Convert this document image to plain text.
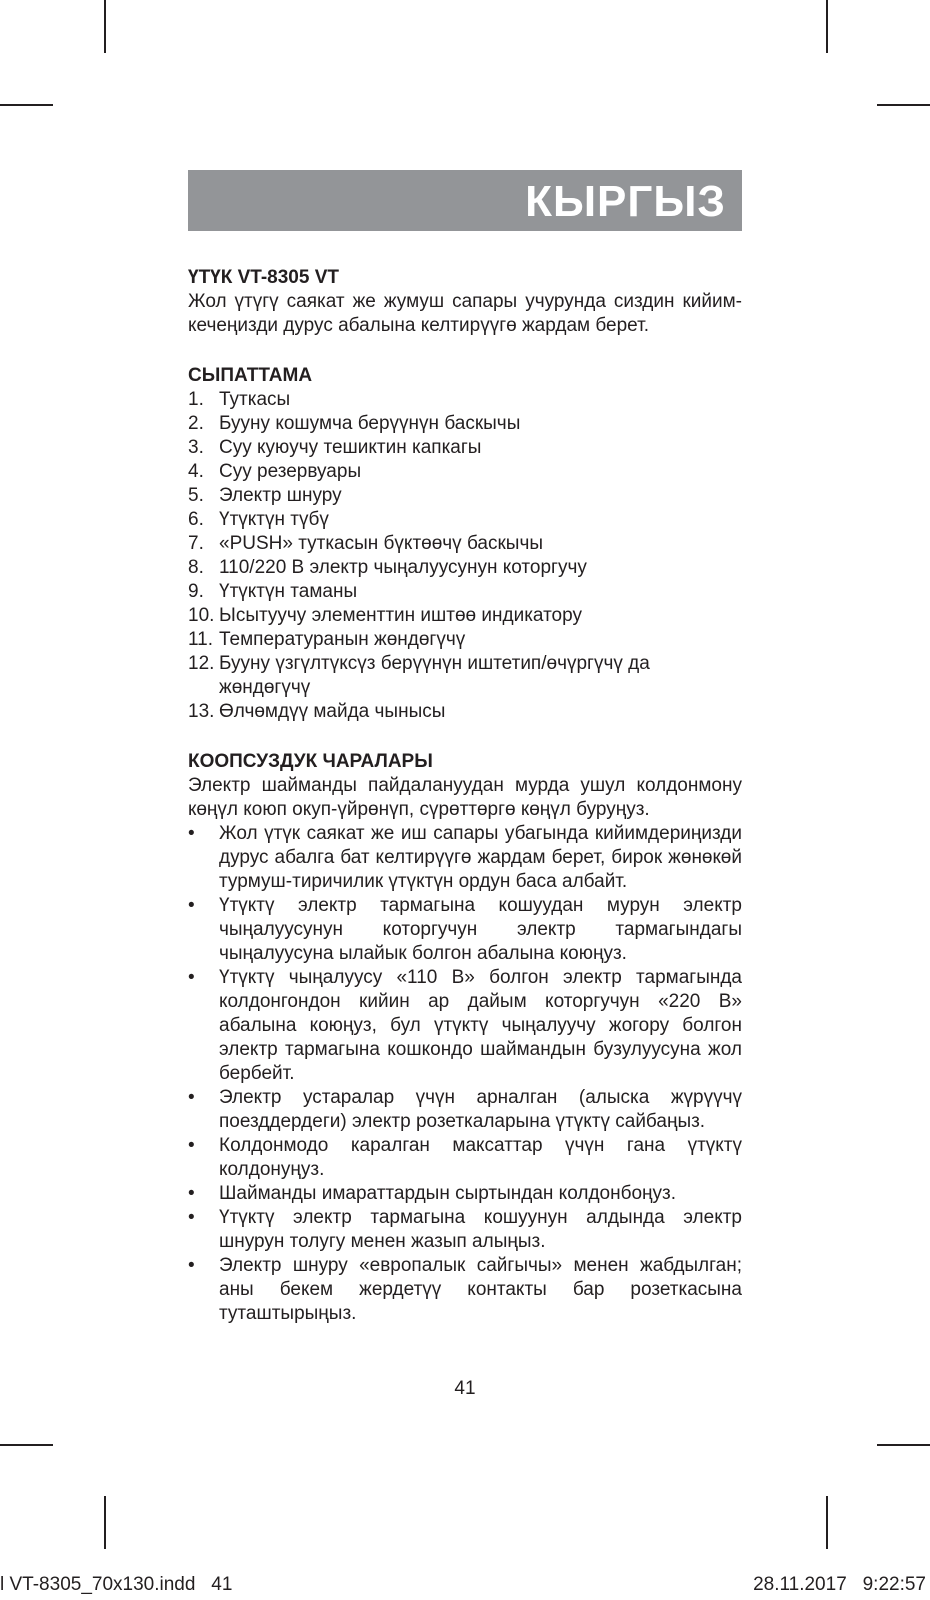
КЫРГЫЗ
ҮТҮК VT-8305 VT

Жол үтүгү саякат же жумуш сапары учурунда сиздин кийим-кечеңизди дурус абалына келтирүүгө жардам берет.

СЫПАТТАМА
1. Туткасы
2. Бууну кошумча берүүнүн баскычы
3. Суу куюучу тешиктин капкагы
4. Суу резервуары
5. Электр шнуру
6. Үтүктүн түбү
7. «PUSH» туткасын бүктөөчү баскычы
8. 110/220 В электр чыңалуусунун которгучу
9. Үтүктүн таманы
10. Ысытуучу элементтин иштөө индикатору
11. Температуранын жөндөгүчү
12. Бууну үзгүлтүксүз берүүнүн иштетип/өчүргүчү да жөндөгүчү
13. Өлчөмдүү майда чынысы
КООПСУЗДУК ЧАРАЛАРЫ

Электр шайманды пайдалануудан мурда ушул колдонмону көңүл коюп окуп-үйрөнүп, сүрөттөргө көңүл буруңуз.

• Жол үтүк саякат же иш сапары убагында кийимдериңизди дурус абалга бат келтирүүгө жардам берет, бирок жөнөкөй турмуш-тиричилик үтүктүн ордун баса албайт.
• Үтүктү электр тармагына кошуудан мурун электр чыңалуусунун которгучун электр тармагындагы чыңалуусуна ылайык болгон абалына коюңуз.
• Үтүктү чыңалуусу «110 В» болгон электр тармагында колдонгондон кийин ар дайым которгучун «220 В» абалына коюңуз, бул үтүктү чыңалуучу жогору болгон электр тармагына кошкондо шаймандын бузулуусуна жол бербейт.
• Электр устаралар үчүн арналган (алыска жүрүүчү поезддердеги) электр розеткаларына үтүктү сайбаңыз.
• Колдонмодо каралган максаттар үчүн гана үтүктү колдонуңуз.
• Шайманды имараттардын сыртындан колдонбоңуз.
• Үтүктү электр тармагына кошуунун алдында электр шнурун толугу менен жазып алыңыз.
• Электр шнуру «европалык сайгычы» менен жабдылган; аны бекем жердетүү контакты бар розеткасына туташтырыңыз.
41
l VT-8305_70x130.indd   41	28.11.2017   9:22:57
